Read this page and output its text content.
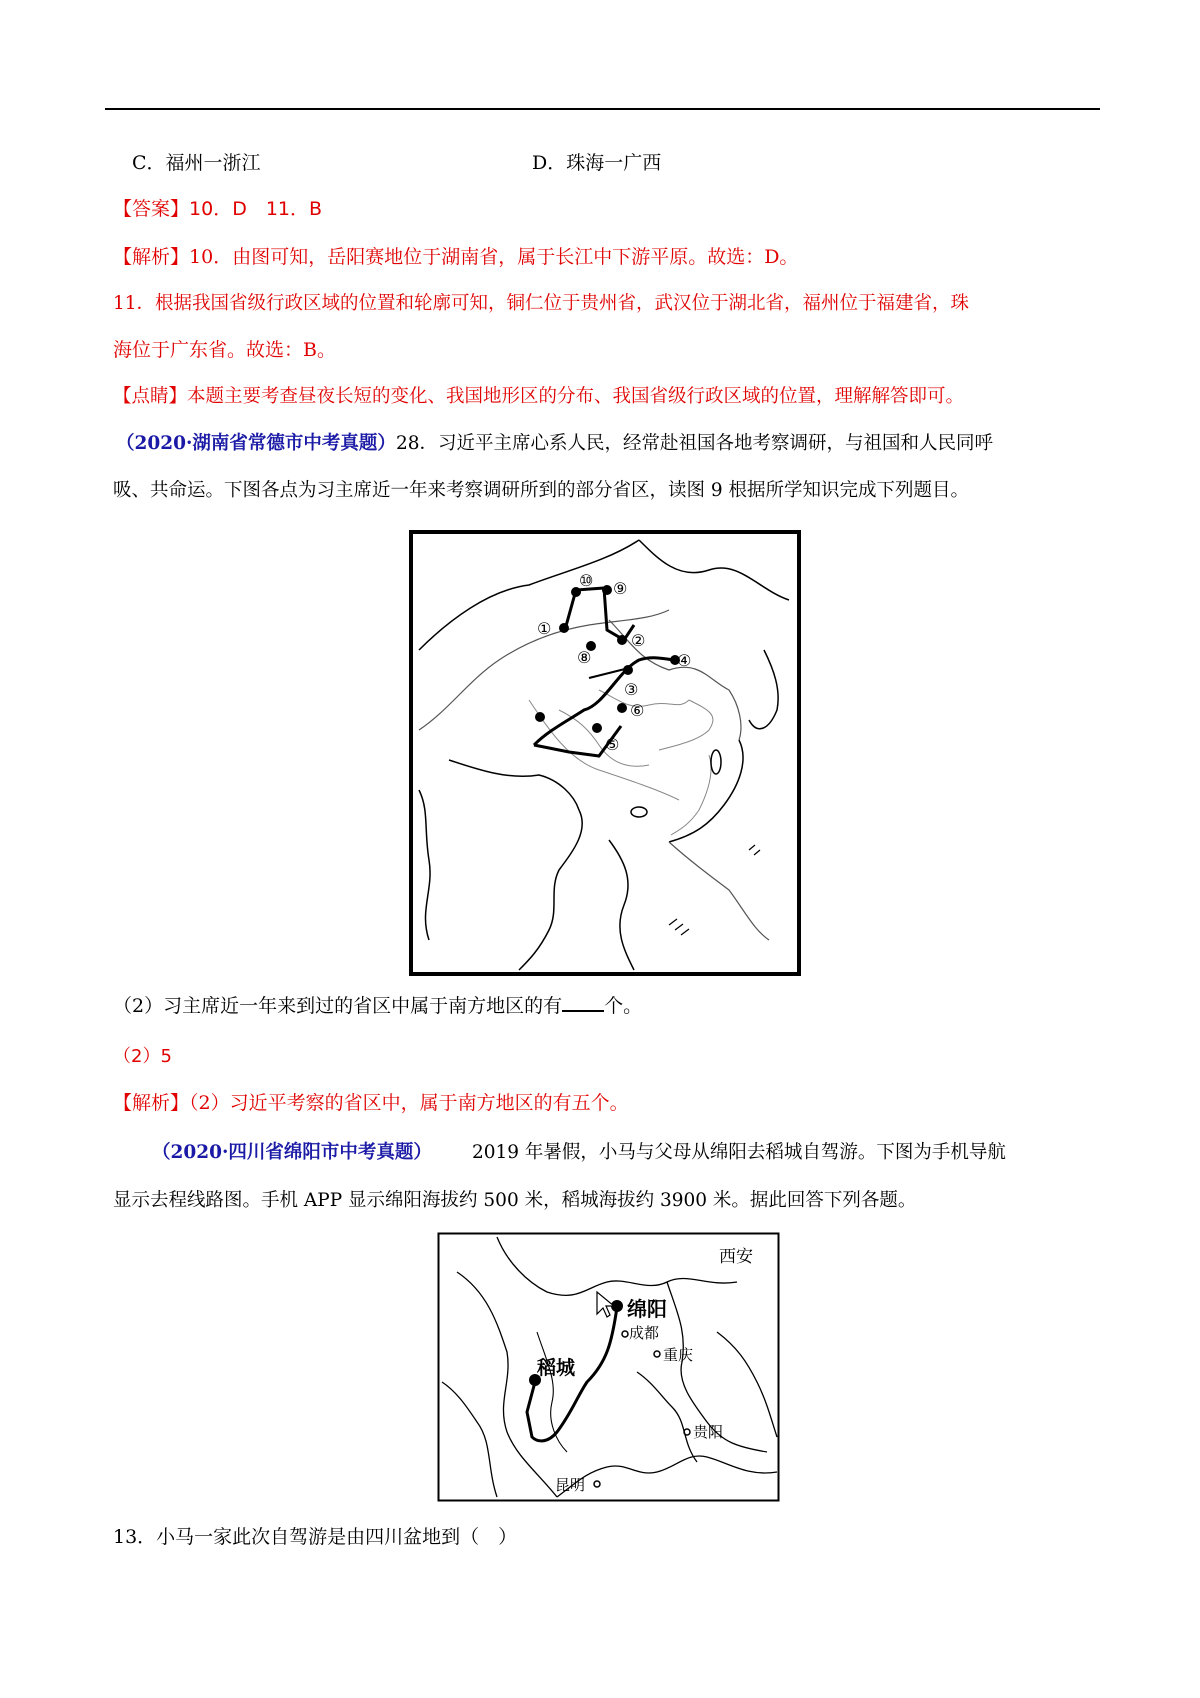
C．福州一浙江	D．珠海一广西
【答案】10．D　11．B
【解析】10．由图可知，岳阳赛地位于湖南省，属于长江中下游平原。故选：D。
11．根据我国省级行政区域的位置和轮廓可知，铜仁位于贵州省，武汉位于湖北省，福州位于福建省，珠
海位于广东省。故选：B。
【点睛】本题主要考查昼夜长短的变化、我国地形区的分布、我国省级行政区域的位置，理解解答即可。
（2020·湖南省常德市中考真题）28．习近平主席心系人民，经常赴祖国各地考察调研，与祖国和人民同呼
吸、共命运。下图各点为习主席近一年来考察调研所到的部分省区，读图 9 根据所学知识完成下列题目。
①
②
③
④
⑤
⑥
⑧
⑨
⑩
（2）习主席近一年来到过的省区中属于南方地区的有 个。
（2）5
【解析】（2）习近平考察的省区中，属于南方地区的有五个。
（2020·四川省绵阳市中考真题） 2019 年暑假，小马与父母从绵阳去稻城自驾游。下图为手机导航
显示去程线路图。手机 APP 显示绵阳海拔约 500 米，稻城海拔约 3900 米。据此回答下列各题。
西安
绵阳
成都
重庆
稻城
贵阳
昆明
13．小马一家此次自驾游是由四川盆地到（　）
